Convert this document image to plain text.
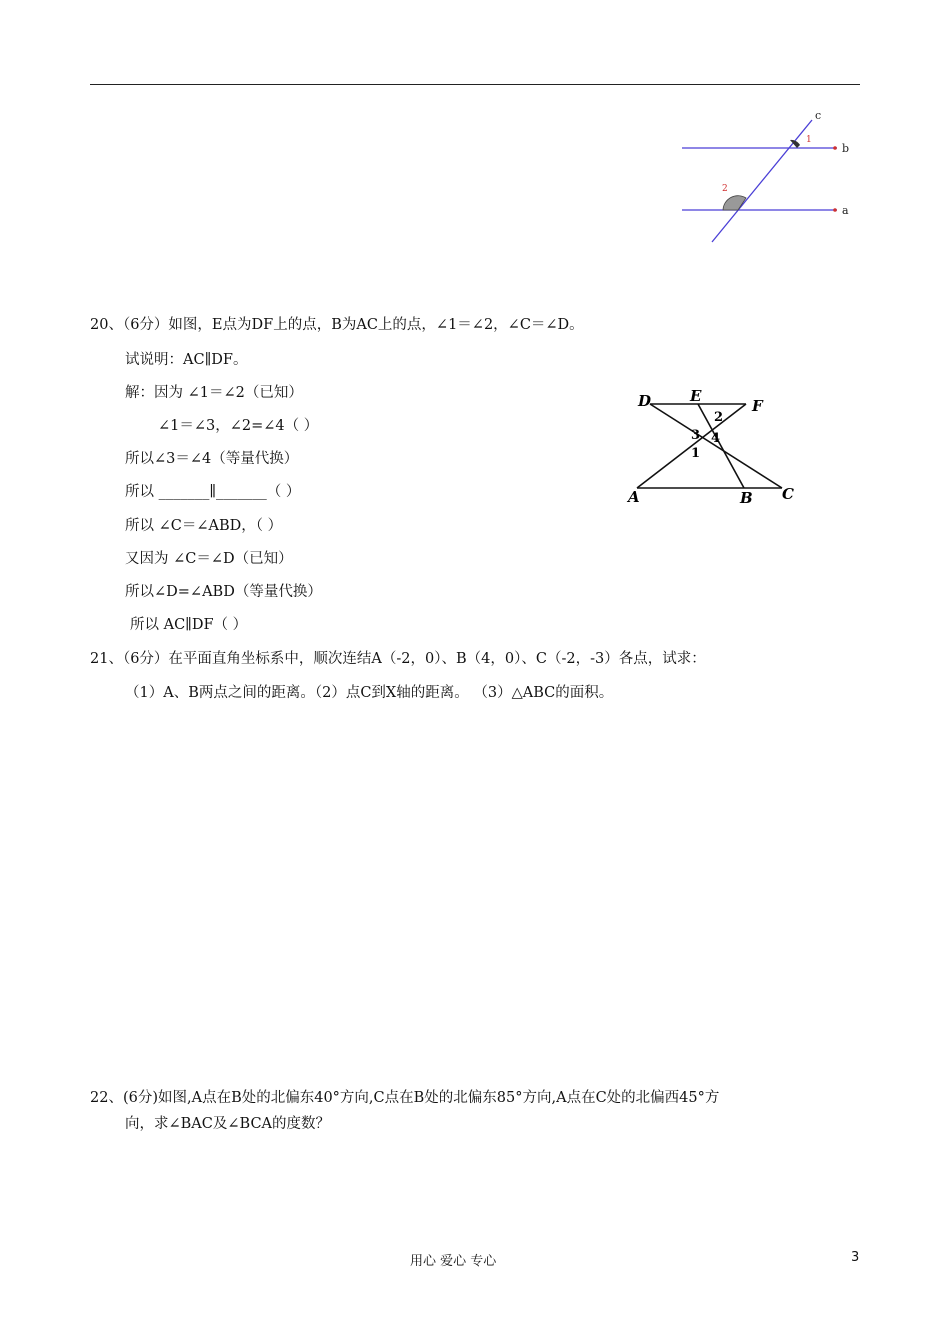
c
b
a
1
2
20、（6分）如图，E点为DF上的点，B为AC上的点，∠1＝∠2，∠C＝∠D。
试说明：AC∥DF。
解：因为 ∠1＝∠2（已知）
∠1＝∠3，∠2=∠4（ ）
所以∠3＝∠4（等量代换）
所以 _______∥_______（ ）
所以 ∠C＝∠ABD，（ ）
又因为 ∠C＝∠D（已知）
所以∠D=∠ABD（等量代换）
所以 AC∥DF（ ）
D	E
F
A	B C
2
3 4
1
21、（6分）在平面直角坐标系中，顺次连结A（-2，0）、B（4，0）、C（-2，-3）各点，试求：
（1）A、B两点之间的距离。（2）点C到X轴的距离。 （3）△ABC的面积。
22、(6分)如图,A点在B处的北偏东40°方向,C点在B处的北偏东85°方向,A点在C处的北偏西45°方
向，求∠BAC及∠BCA的度数？
用心 爱心 专心	3
